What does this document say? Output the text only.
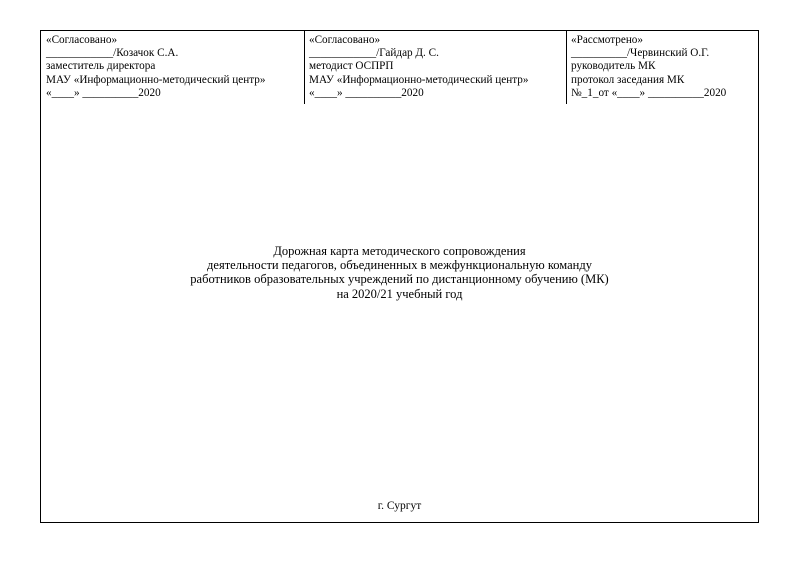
«Согласовано»
____________/Козачок С.А.
заместитель директора
МАУ «Информационно-методический центр»
«____» __________2020
«Согласовано»
____________/Гайдар Д. С.
методист ОСПРП
МАУ «Информационно-методический центр»
«____» __________2020
«Рассмотрено»
__________/Червинский О.Г.
руководитель МК
протокол заседания МК
№_1_от «____» __________2020
Дорожная карта методического сопровождения
деятельности педагогов, объединенных в межфункциональную команду
работников образовательных учреждений по дистанционному обучению (МК)
на 2020/21 учебный год
г. Сургут
